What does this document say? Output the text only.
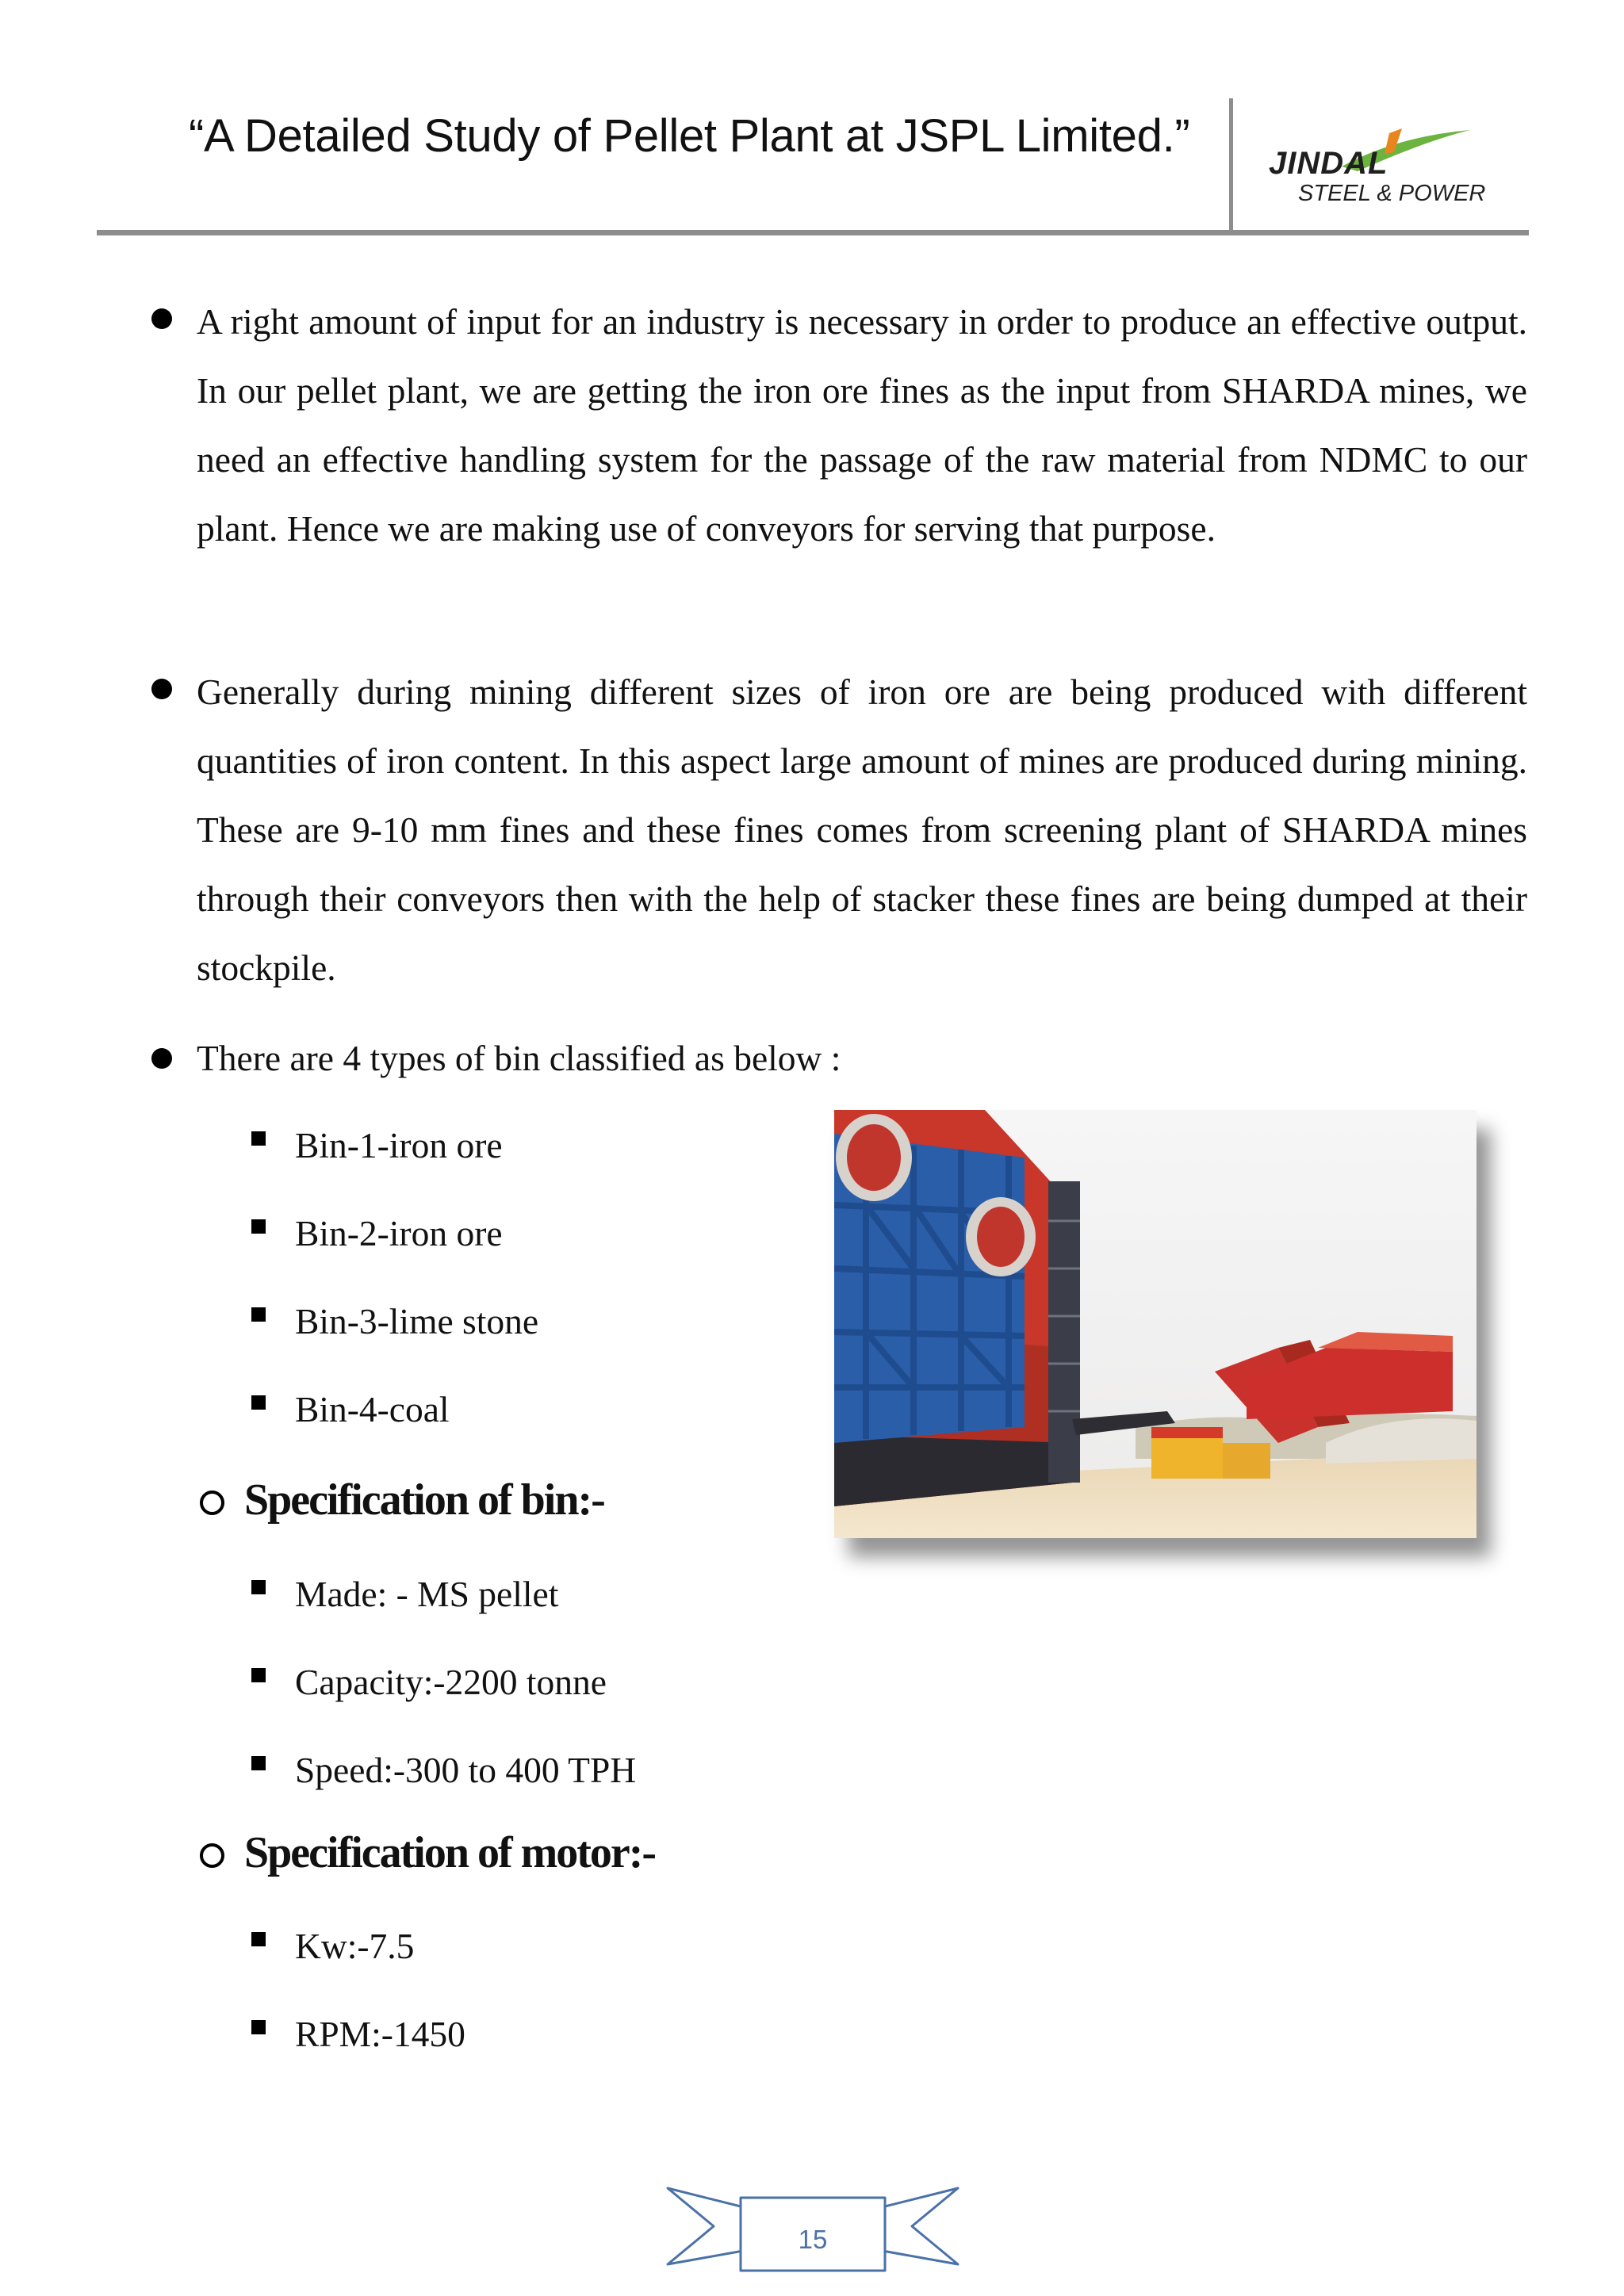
“A Detailed Study of Pellet Plant at JSPL Limited.”
JINDAL
STEEL & POWER
A right amount of input for an industry is necessary in order to produce an effective output. In our pellet plant, we are getting the iron ore fines as the input from SHARDA mines, we need an effective handling system for the passage of the raw material from NDMC to our plant. Hence we are making use of conveyors for serving that purpose.
Generally during mining different sizes of iron ore are being produced with different quantities of iron content. In this aspect large amount of mines are produced during mining. These are 9-10 mm fines and these fines comes from screening plant of SHARDA mines through their conveyors then with the help of stacker these fines are being dumped at their stockpile.
There are 4 types of bin classified as below :
Bin-1-iron ore
Bin-2-iron ore
Bin-3-lime stone
Bin-4-coal
Specification of bin:-
Made: - MS pellet
Capacity:-2200 tonne
Speed:-300 to 400 TPH
Specification of motor:-
Kw:-7.5
RPM:-1450
15
